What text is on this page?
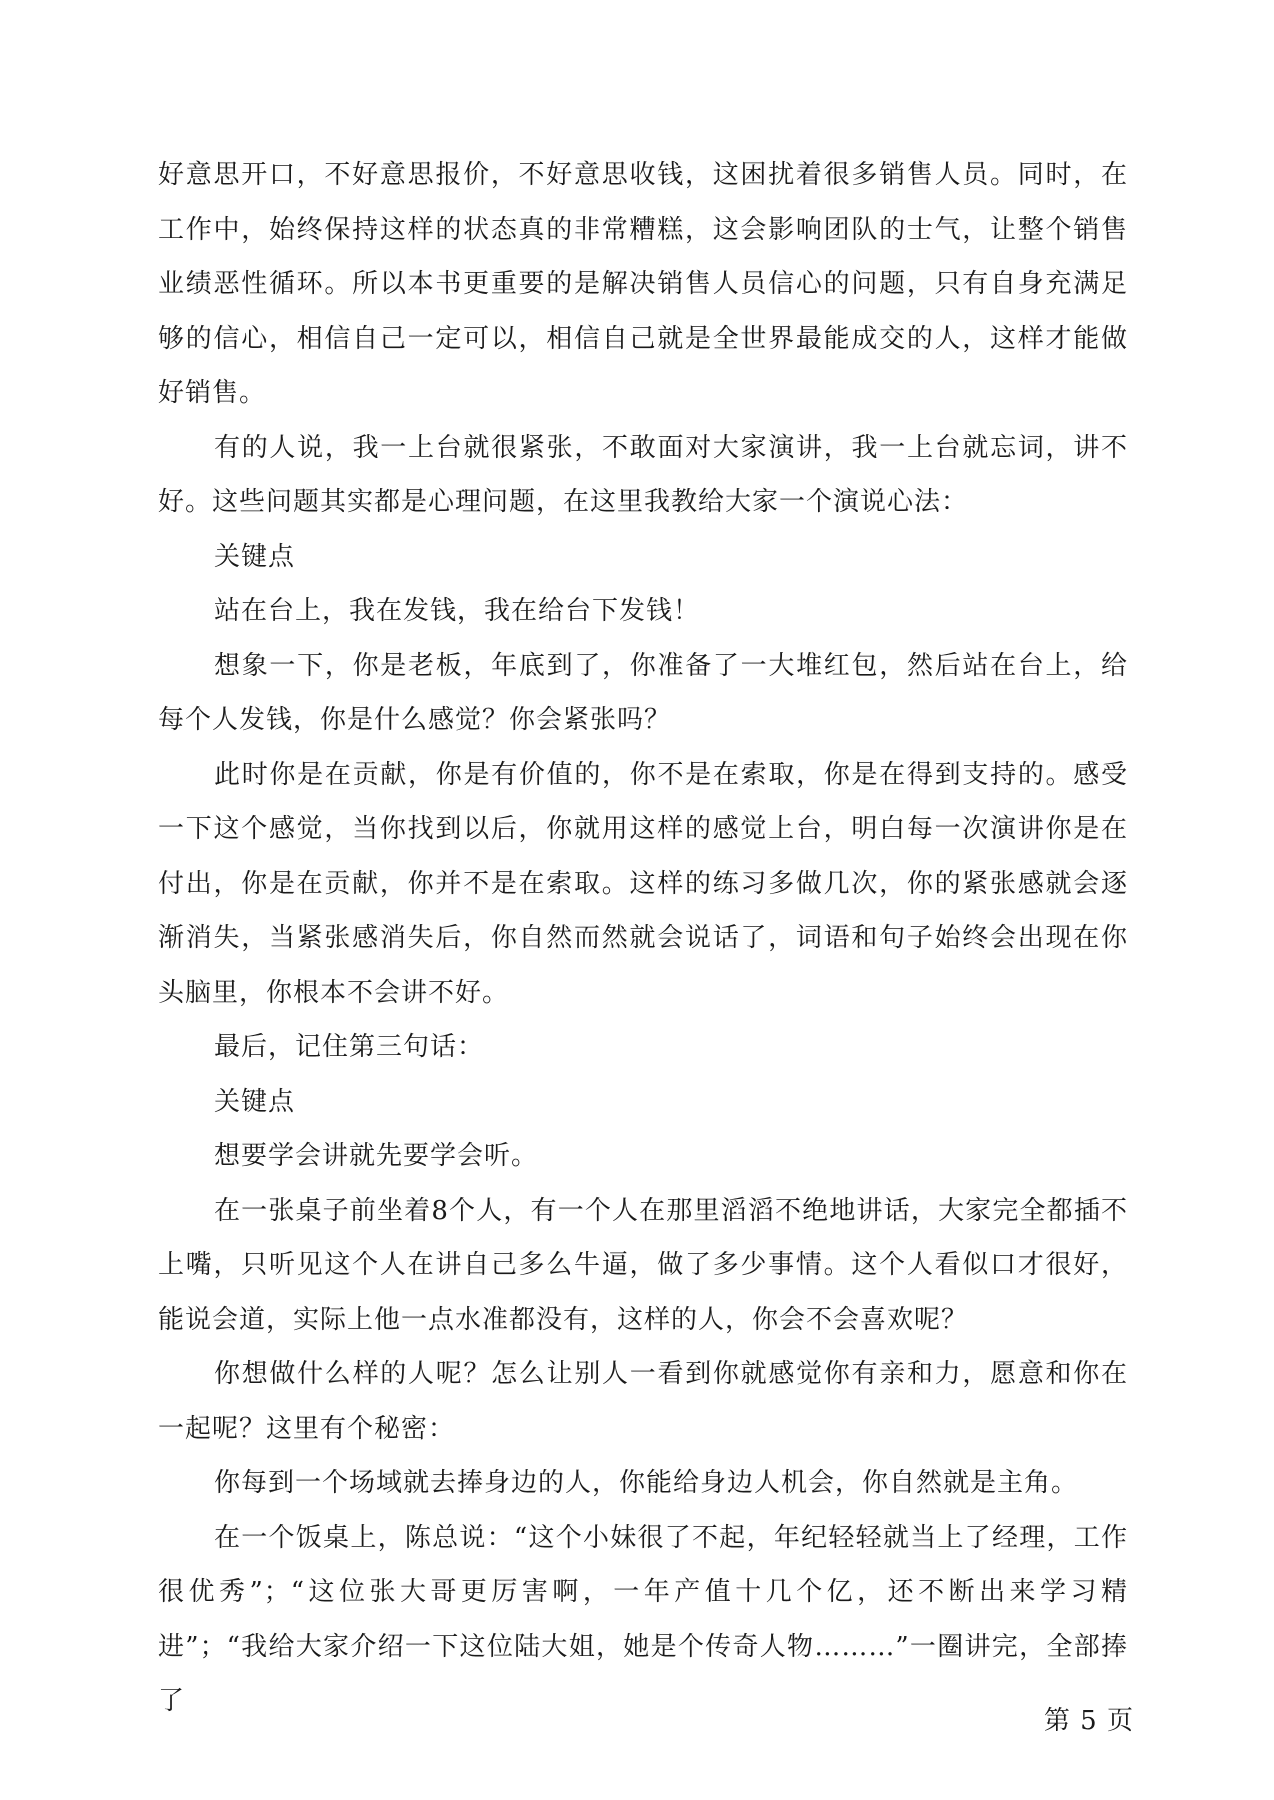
好意思开口，不好意思报价，不好意思收钱，这困扰着很多销售人员。同时，在工作中，始终保持这样的状态真的非常糟糕，这会影响团队的士气，让整个销售业绩恶性循环。所以本书更重要的是解决销售人员信心的问题，只有自身充满足够的信心，相信自己一定可以，相信自己就是全世界最能成交的人，这样才能做好销售。

有的人说，我一上台就很紧张，不敢面对大家演讲，我一上台就忘词，讲不好。这些问题其实都是心理问题，在这里我教给大家一个演说心法：

关键点

站在台上，我在发钱，我在给台下发钱！

想象一下，你是老板，年底到了，你准备了一大堆红包，然后站在台上，给每个人发钱，你是什么感觉？你会紧张吗？

此时你是在贡献，你是有价值的，你不是在索取，你是在得到支持的。感受一下这个感觉，当你找到以后，你就用这样的感觉上台，明白每一次演讲你是在付出，你是在贡献，你并不是在索取。这样的练习多做几次，你的紧张感就会逐渐消失，当紧张感消失后，你自然而然就会说话了，词语和句子始终会出现在你头脑里，你根本不会讲不好。

最后，记住第三句话：

关键点

想要学会讲就先要学会听。

在一张桌子前坐着8个人，有一个人在那里滔滔不绝地讲话，大家完全都插不上嘴，只听见这个人在讲自己多么牛逼，做了多少事情。这个人看似口才很好，能说会道，实际上他一点水准都没有，这样的人，你会不会喜欢呢？

你想做什么样的人呢？怎么让别人一看到你就感觉你有亲和力，愿意和你在一起呢？这里有个秘密：

你每到一个场域就去捧身边的人，你能给身边人机会，你自然就是主角。

在一个饭桌上，陈总说：“这个小妹很了不起，年纪轻轻就当上了经理，工作很优秀”；“这位张大哥更厉害啊，一年产值十几个亿，还不断出来学习精进”；“我给大家介绍一下这位陆大姐，她是个传奇人物………”一圈讲完，全部捧了

第 5 页
